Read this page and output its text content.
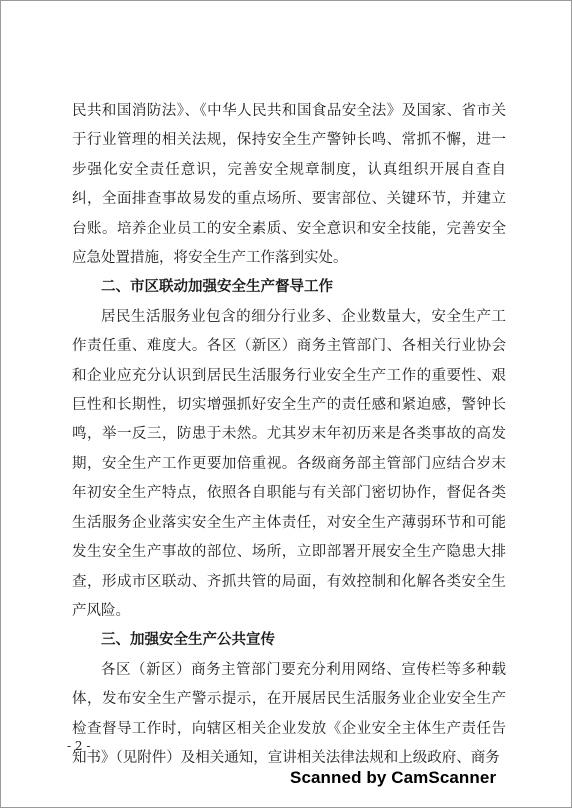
民共和国消防法》、《中华人民共和国食品安全法》及国家、省市关于行业管理的相关法规，保持安全生产警钟长鸣、常抓不懈，进一步强化安全责任意识，完善安全规章制度，认真组织开展自查自纠，全面排查事故易发的重点场所、要害部位、关键环节，并建立台账。培养企业员工的安全素质、安全意识和安全技能，完善安全应急处置措施，将安全生产工作落到实处。

二、市区联动加强安全生产督导工作

居民生活服务业包含的细分行业多、企业数量大，安全生产工作责任重、难度大。各区（新区）商务主管部门、各相关行业协会和企业应充分认识到居民生活服务行业安全生产工作的重要性、艰巨性和长期性，切实增强抓好安全生产的责任感和紧迫感，警钟长鸣，举一反三，防患于未然。尤其岁末年初历来是各类事故的高发期，安全生产工作更要加倍重视。各级商务部主管部门应结合岁末年初安全生产特点，依照各自职能与有关部门密切协作，督促各类生活服务企业落实安全生产主体责任，对安全生产薄弱环节和可能发生安全生产事故的部位、场所，立即部署开展安全生产隐患大排查，形成市区联动、齐抓共管的局面，有效控制和化解各类安全生产风险。

三、加强安全生产公共宣传

各区（新区）商务主管部门要充分利用网络、宣传栏等多种载体，发布安全生产警示提示，在开展居民生活服务业企业安全生产检查督导工作时，向辖区相关企业发放《企业安全主体生产责任告知书》（见附件）及相关通知，宣讲相关法律法规和上级政府、商务

- 2 -
Scanned by CamScanner
